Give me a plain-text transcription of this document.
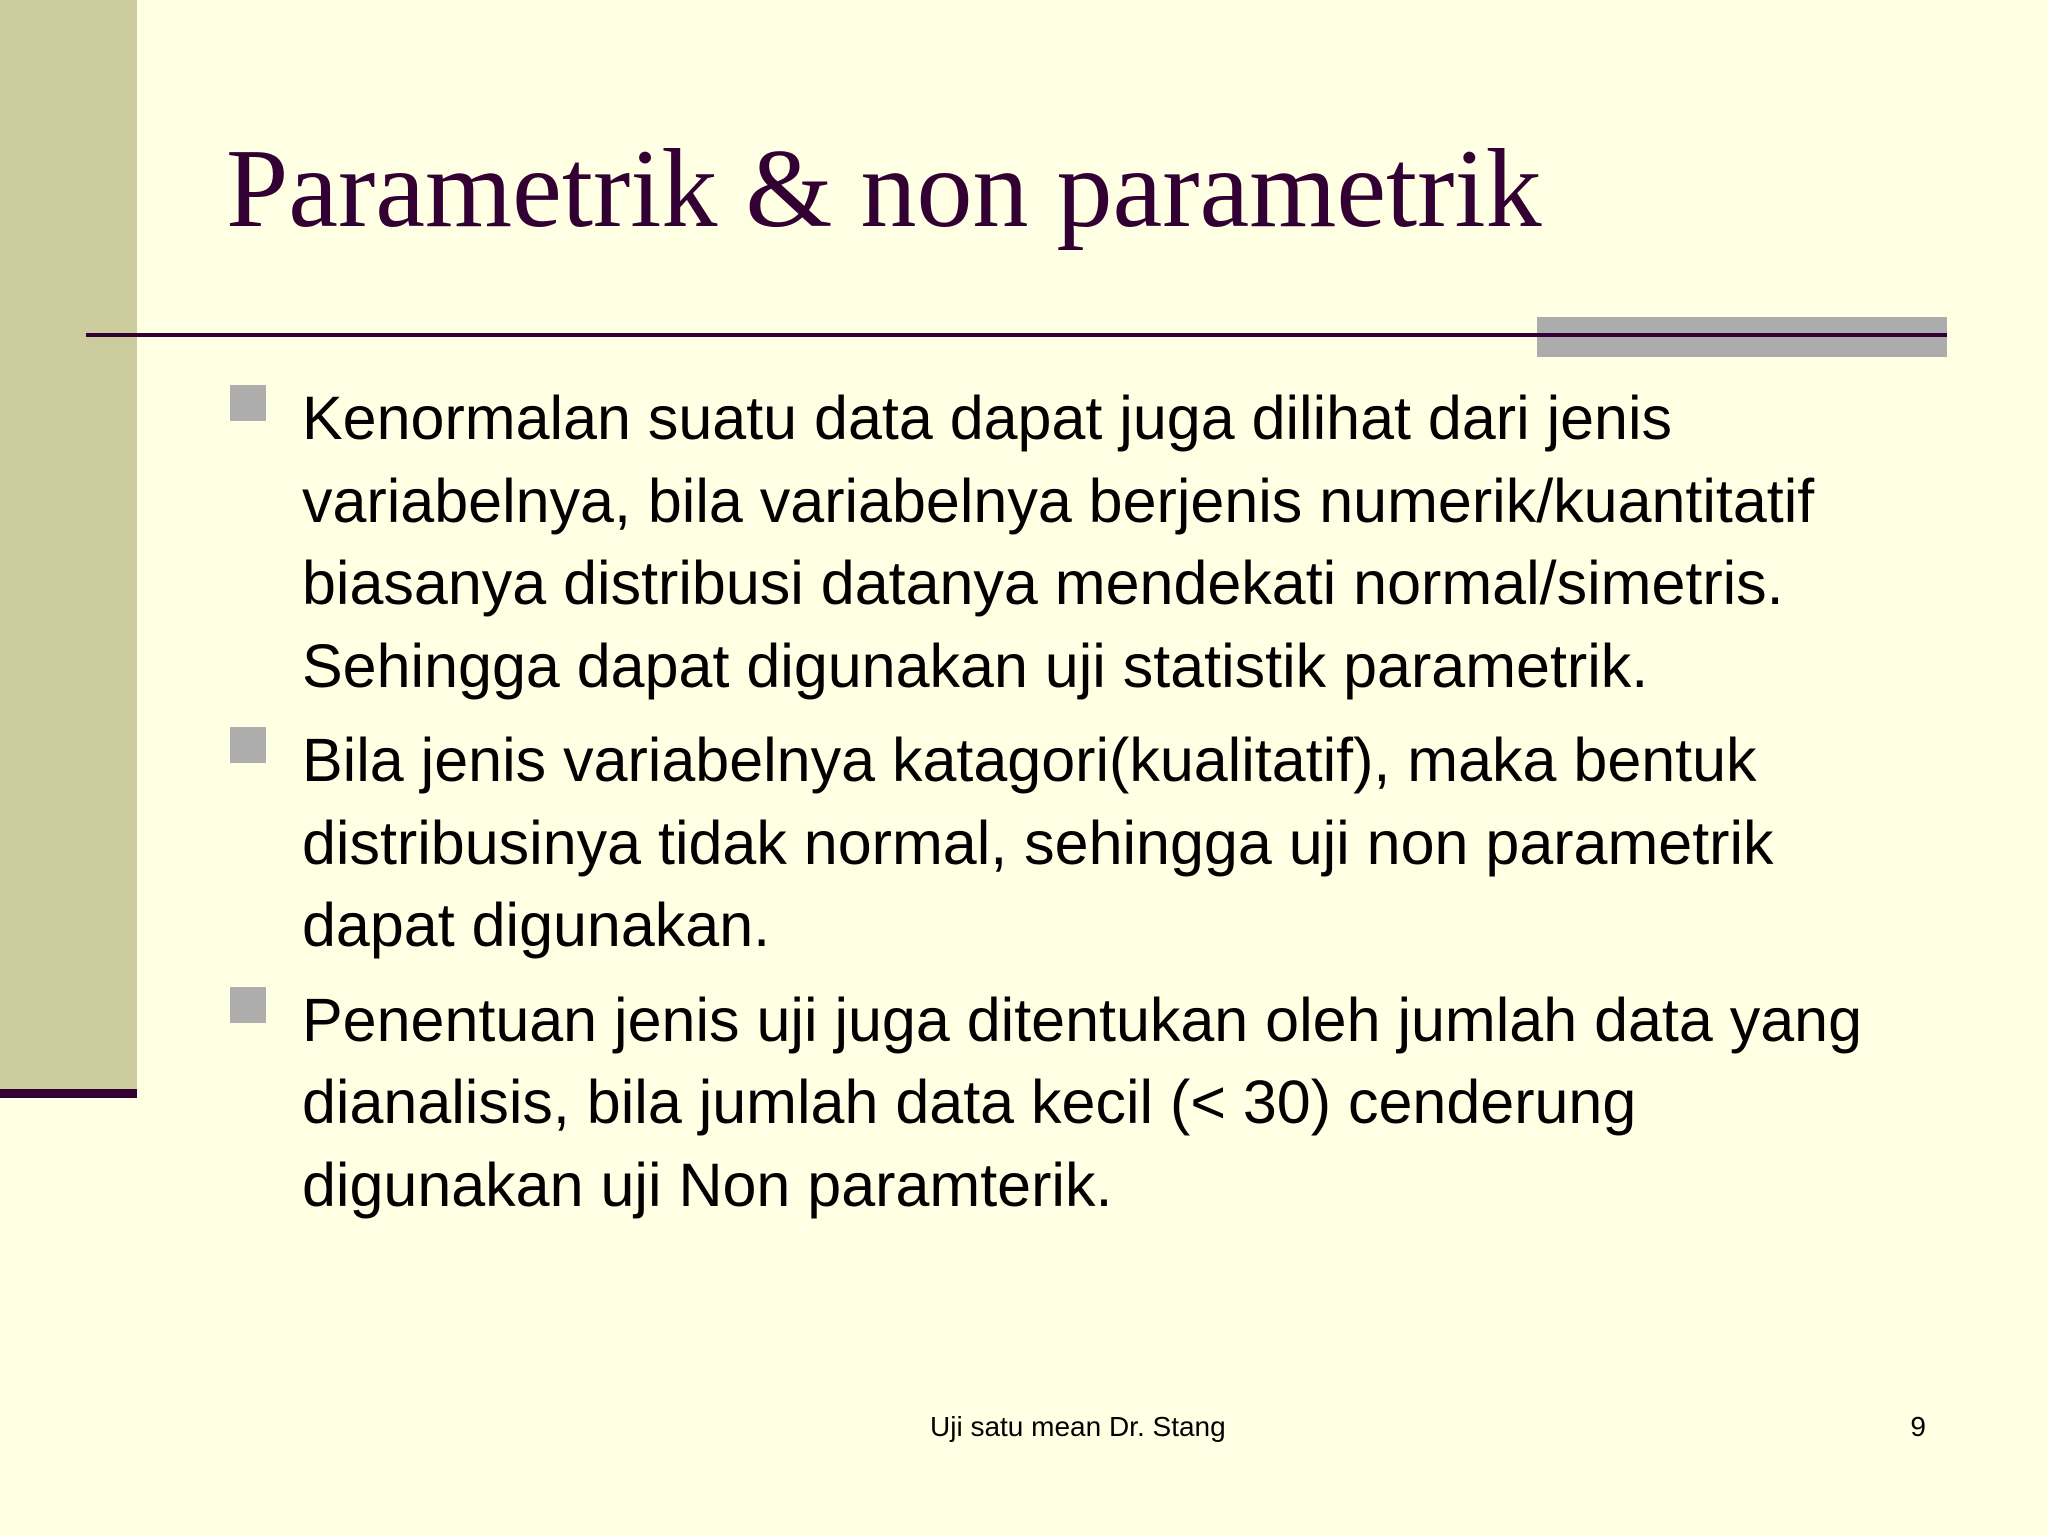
Parametrik & non parametrik
Kenormalan suatu data dapat juga dilihat dari jenis variabelnya, bila variabelnya berjenis numerik/kuantitatif biasanya distribusi datanya mendekati normal/simetris. Sehingga dapat digunakan uji statistik parametrik.
Bila jenis variabelnya katagori(kualitatif), maka bentuk distribusinya tidak normal, sehingga uji non parametrik dapat digunakan.
Penentuan jenis uji juga ditentukan oleh jumlah data yang dianalisis, bila jumlah data kecil (< 30) cenderung digunakan uji Non paramterik.
Uji satu mean Dr. Stang	9
